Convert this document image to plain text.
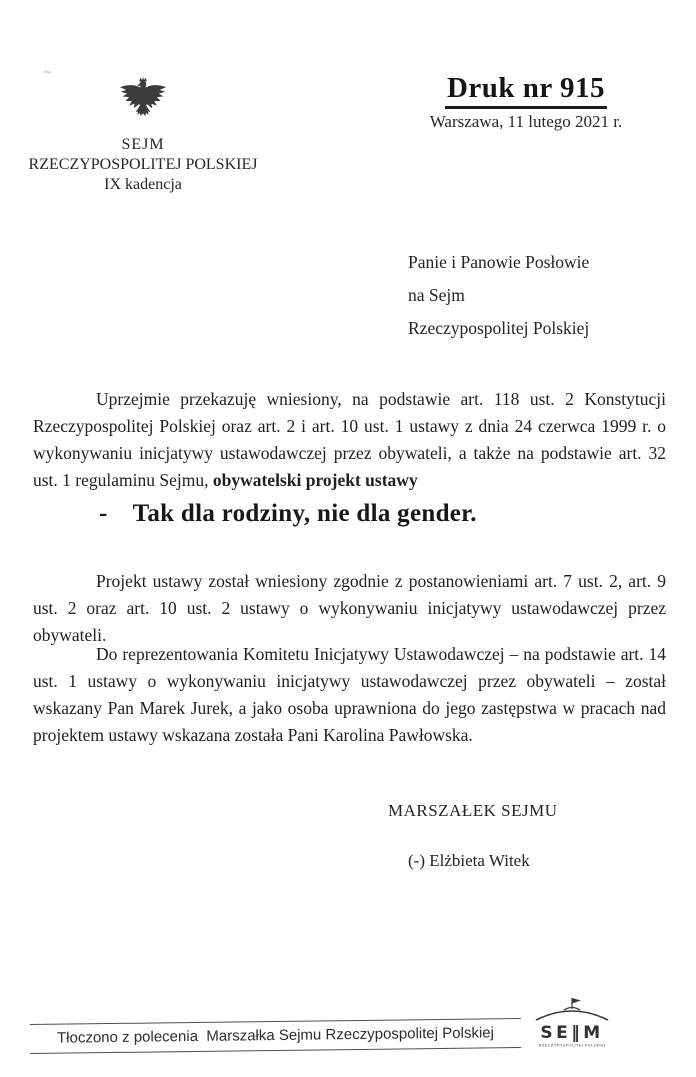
SEJM
RZECZYPOSPOLITEJ POLSKIEJ
IX kadencja
Druk nr 915
Warszawa, 11 lutego 2021 r.
Panie i Panowie Posłowie
na Sejm
Rzeczypospolitej Polskiej

Uprzejmie przekazuję wniesiony, na podstawie art. 118 ust. 2 Konstytucji Rzeczypospolitej Polskiej oraz art. 2 i art. 10 ust. 1 ustawy z dnia 24 czerwca 1999 r. o wykonywaniu inicjatywy ustawodawczej przez obywateli, a także na podstawie art. 32 ust. 1 regulaminu Sejmu, obywatelski projekt ustawy

- Tak dla rodziny, nie dla gender.

Projekt ustawy został wniesiony zgodnie z postanowieniami art. 7 ust. 2, art. 9 ust. 2 oraz art. 10 ust. 2 ustawy o wykonywaniu inicjatywy ustawodawczej przez obywateli.

Do reprezentowania Komitetu Inicjatywy Ustawodawczej – na podstawie art. 14 ust. 1 ustawy o wykonywaniu inicjatywy ustawodawczej przez obywateli – został wskazany Pan Marek Jurek, a jako osoba uprawniona do jego zastępstwa w pracach nad projektem ustawy wskazana została Pani Karolina Pawłowska.

MARSZAŁEK SEJMU
(-) Elżbieta Witek
Tłoczono z polecenia  Marszałka Sejmu Rzeczypospolitej Polskiej	SE‖M
RZECZYPOSPOLITEJ POLSKIEJ
